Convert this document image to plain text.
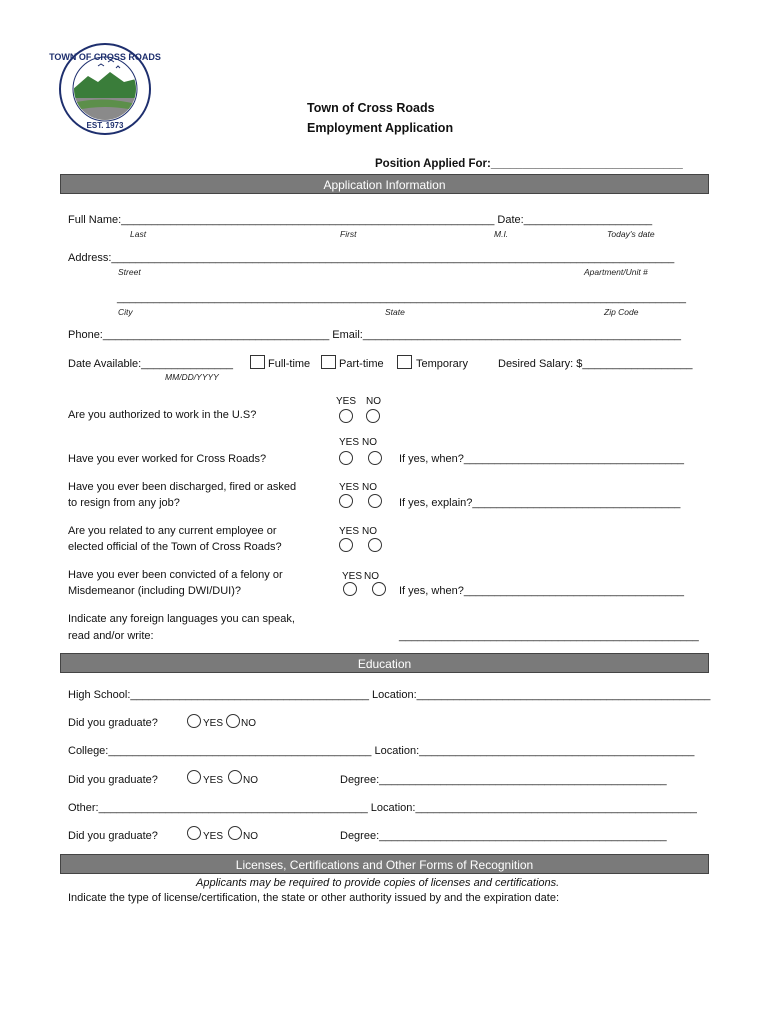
TOWN OF CROSS ROADS
EST. 1973
Town of Cross Roads
Employment Application
Position Applied For:______________________________
Application Information
Full Name:_____________________________________________________________ Date:_____________________
Last	First	M.I.	Today's date
Address:____________________________________________________________________________________________
Street	Apartment/Unit #
_____________________________________________________________________________________________
City	State	Zip Code
Phone:_____________________________________ Email:____________________________________________________
Date Available:_______________
MM/DD/YYYY
Full-time	Part-time	Temporary	Desired Salary: $__________________
Are you authorized to work in the U.S?
YES NO
Have you ever worked for Cross Roads?
YES NO
If yes, when?____________________________________
Have you ever been discharged, fired or asked
to resign from any job?
YES NO
If yes, explain?__________________________________
Are you related to any current employee or
elected official of the Town of Cross Roads?
YES NO
Have you ever been convicted of a felony or
Misdemeanor (including DWI/DUI)?
YES NO
If yes, when?____________________________________
Indicate any foreign languages you can speak,
read and/or write:	_________________________________________________
Education
High School:_______________________________________ Location:________________________________________________
Did you graduate?	YES NO
College:___________________________________________ Location:_____________________________________________
Did you graduate?	YES NO	Degree:_______________________________________________
Other:____________________________________________ Location:______________________________________________
Did you graduate?	YES NO	Degree:_______________________________________________
Licenses, Certifications and Other Forms of Recognition
Applicants may be required to provide copies of licenses and certifications.
Indicate the type of license/certification, the state or other authority issued by and the expiration date:
